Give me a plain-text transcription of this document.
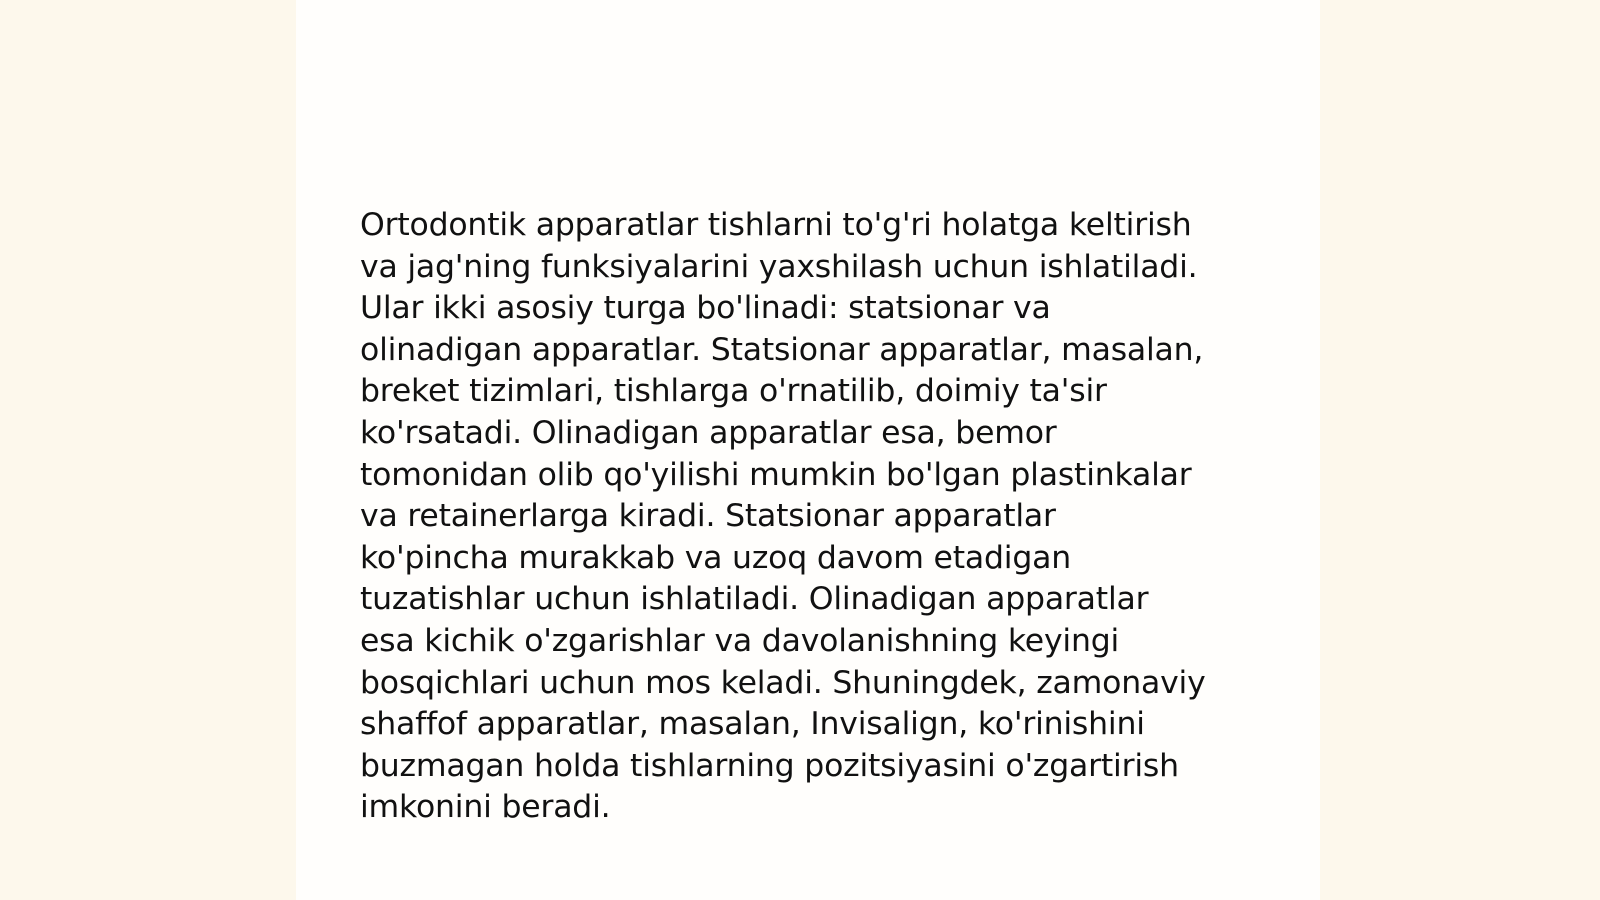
Ortodontik apparatlar tishlarni to'g'ri holatga keltirish
va jag'ning funksiyalarini yaxshilash uchun ishlatiladi.
Ular ikki asosiy turga bo'linadi: statsionar va
olinadigan apparatlar. Statsionar apparatlar, masalan,
breket tizimlari, tishlarga o'rnatilib, doimiy ta'sir
ko'rsatadi. Olinadigan apparatlar esa, bemor
tomonidan olib qo'yilishi mumkin bo'lgan plastinkalar
va retainerlarga kiradi. Statsionar apparatlar
ko'pincha murakkab va uzoq davom etadigan
tuzatishlar uchun ishlatiladi. Olinadigan apparatlar
esa kichik o'zgarishlar va davolanishning keyingi
bosqichlari uchun mos keladi. Shuningdek, zamonaviy
shaffof apparatlar, masalan, Invisalign, ko'rinishini
buzmagan holda tishlarning pozitsiyasini o'zgartirish
imkonini beradi.
